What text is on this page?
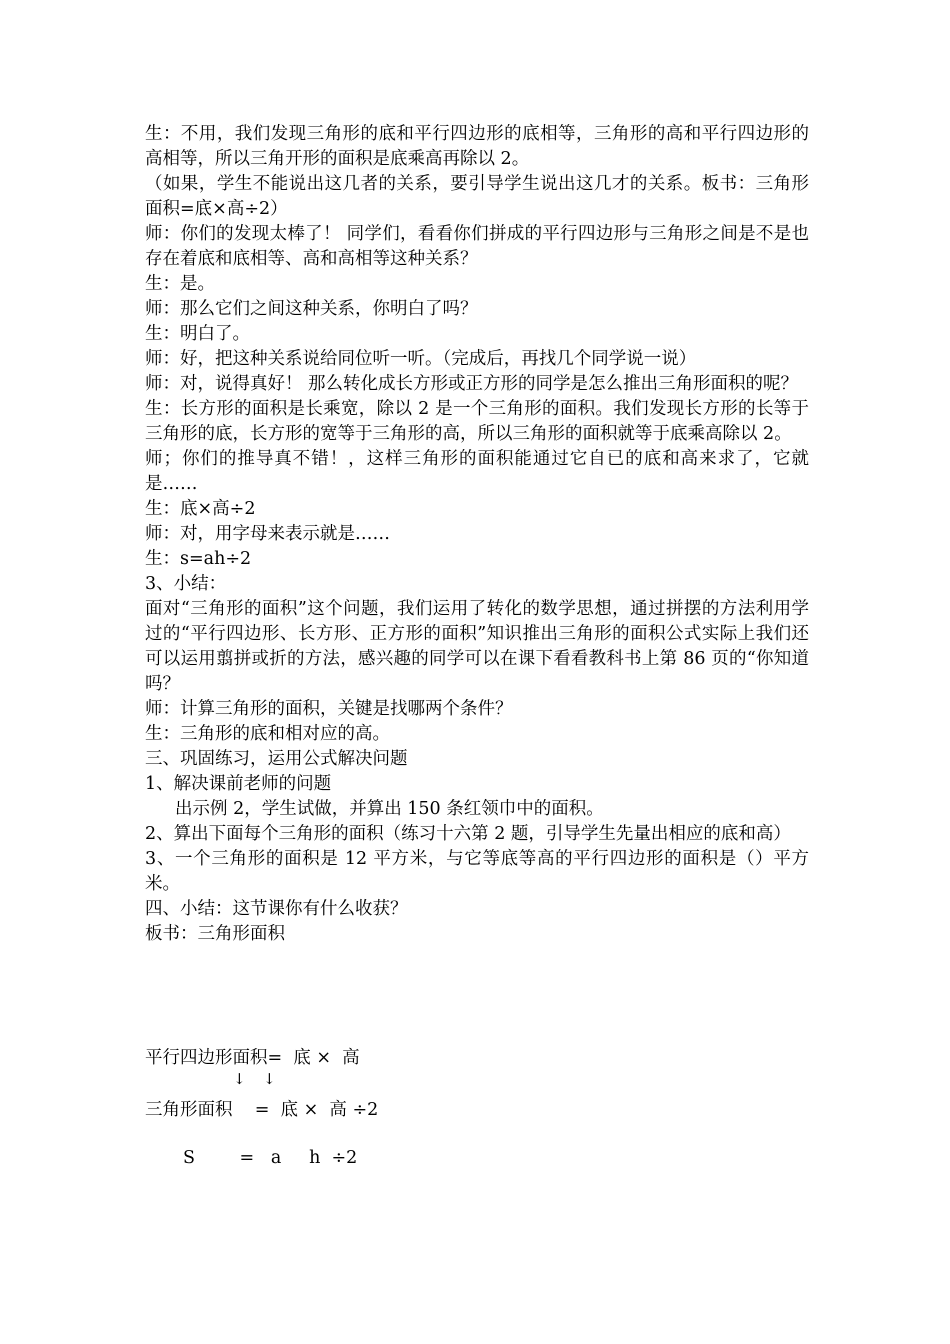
生：不用，我们发现三角形的底和平行四边形的底相等，三角形的高和平行四边形的高相等，所以三角开形的面积是底乘高再除以 2。

（如果，学生不能说出这几者的关系，要引导学生说出这几才的关系。板书：三角形面积=底×高÷2）

师：你们的发现太棒了！ 同学们，看看你们拼成的平行四边形与三角形之间是不是也存在着底和底相等、高和高相等这种关系？

生：是。

师：那么它们之间这种关系，你明白了吗？

生：明白了。

师：好，把这种关系说给同位听一听。（完成后，再找几个同学说一说）

师：对，说得真好！ 那么转化成长方形或正方形的同学是怎么推出三角形面积的呢？

生：长方形的面积是长乘宽，除以 2 是一个三角形的面积。我们发现长方形的长等于三角形的底，长方形的宽等于三角形的高，所以三角形的面积就等于底乘高除以 2。

师；你们的推导真不错！，这样三角形的面积能通过它自已的底和高来求了，它就是……

生：底×高÷2

师：对，用字母来表示就是……

生：s=ah÷2

3、小结：

面对“三角形的面积”这个问题，我们运用了转化的数学思想，通过拼摆的方法利用学过的“平行四边形、长方形、正方形的面积”知识推出三角形的面积公式实际上我们还可以运用翦拼或折的方法，感兴趣的同学可以在课下看看教科书上第 86 页的“你知道吗？

师：计算三角形的面积，关键是找哪两个条件？

生：三角形的底和相对应的高。

三、巩固练习，运用公式解决问题

1、解决课前老师的问题

出示例 2，学生试做，并算出 150 条红领巾中的面积。

2、算出下面每个三角形的面积（练习十六第 2 题，引导学生先量出相应的底和高）

3、一个三角形的面积是 12 平方米，与它等底等高的平行四边形的面积是（）平方米。

四、小结：这节课你有什么收获？

板书：三角形面积

平行四边形面积=  底 ×  高
↓ ↓
三角形面积    =  底 ×  高 ÷2
S        =   a     h  ÷2
